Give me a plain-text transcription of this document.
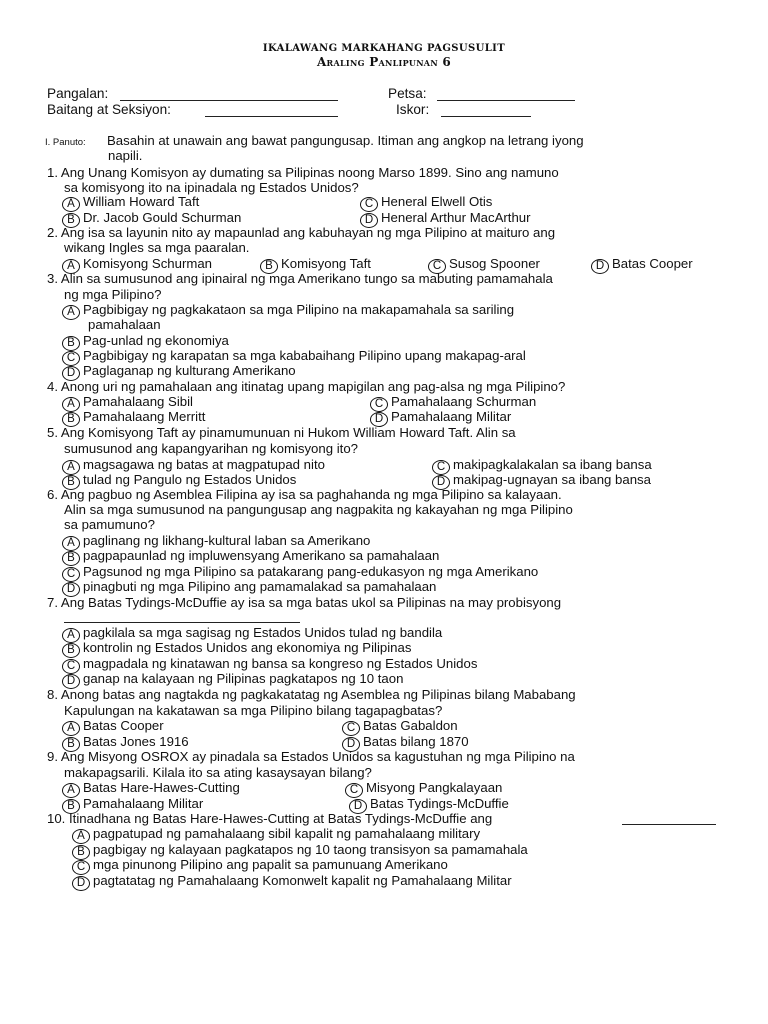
IKALAWANG MARKAHANG PAGSUSULIT
Araling Panlipunan 6
Pangalan:	Petsa:
Baitang at Seksiyon:	Iskor:
I. Panuto: Basahin at unawain ang bawat pangungusap. Itiman ang angkop na letrang iyong
napili.
1. Ang Unang Komisyon ay dumating sa Pilipinas noong Marso 1899. Sino ang namuno
sa komisyong ito na ipinadala ng Estados Unidos?
A William Howard Taft	C Heneral Elwell Otis
B Dr. Jacob Gould Schurman	D Heneral Arthur MacArthur
2. Ang isa sa layunin nito ay mapaunlad ang kabuhayan ng mga Pilipino at maituro ang
wikang Ingles sa mga paaralan.
A Komisyong Schurman	B Komisyong Taft	C Susog Spooner	D Batas Cooper
3. Alin sa sumusunod ang ipinairal ng mga Amerikano tungo sa mabuting pamamahala
ng mga Pilipino?
A Pagbibigay ng pagkakataon sa mga Pilipino na makapamahala sa sariling
pamahalaan
B Pag-unlad ng ekonomiya
C Pagbibigay ng karapatan sa mga kababaihang Pilipino upang makapag-aral
D Paglaganap ng kulturang Amerikano
4. Anong uri ng pamahalaan ang itinatag upang mapigilan ang pag-alsa ng mga Pilipino?
A Pamahalaang Sibil	C Pamahalaang Schurman
B Pamahalaang Merritt	D Pamahalaang Militar
5. Ang Komisyong Taft ay pinamumunuan ni Hukom William Howard Taft. Alin sa
sumusunod ang kapangyarihan ng komisyong ito?
A magsagawa ng batas at magpatupad nito	C makipagkalakalan sa ibang bansa
B tulad ng Pangulo ng Estados Unidos	D makipag-ugnayan sa ibang bansa
6. Ang pagbuo ng Asemblea Filipina ay isa sa paghahanda ng mga Pilipino sa kalayaan.
Alin sa mga sumusunod na pangungusap ang nagpakita ng kakayahan ng mga Pilipino
sa pamumuno?
A paglinang ng likhang-kultural laban sa Amerikano
B pagpapaunlad ng impluwensyang Amerikano sa pamahalaan
C Pagsunod ng mga Pilipino sa patakarang pang-edukasyon ng mga Amerikano
D pinagbuti ng mga Pilipino ang pamamalakad sa pamahalaan
7. Ang Batas Tydings-McDuffie ay isa sa mga batas ukol sa Pilipinas na may probisyong
A pagkilala sa mga sagisag ng Estados Unidos tulad ng bandila
B kontrolin ng Estados Unidos ang ekonomiya ng Pilipinas
C magpadala ng kinatawan ng bansa sa kongreso ng Estados Unidos
D ganap na kalayaan ng Pilipinas pagkatapos ng 10 taon
8. Anong batas ang nagtakda ng pagkakatatag ng Asemblea ng Pilipinas bilang Mababang
Kapulungan na kakatawan sa mga Pilipino bilang tagapagbatas?
A Batas Cooper	C Batas Gabaldon
B Batas Jones 1916	D Batas bilang 1870
9. Ang Misyong OSROX ay pinadala sa Estados Unidos sa kagustuhan ng mga Pilipino na
makapagsarili. Kilala ito sa ating kasaysayan bilang?
A Batas Hare-Hawes-Cutting	C Misyong Pangkalayaan
B Pamahalaang Militar	D Batas Tydings-McDuffie
10. Itinadhana ng Batas Hare-Hawes-Cutting at Batas Tydings-McDuffie ang
A pagpatupad ng pamahalaang sibil kapalit ng pamahalaang military
B pagbigay ng kalayaan pagkatapos ng 10 taong transisyon sa pamamahala
C mga pinunong Pilipino ang papalit sa pamunuang Amerikano
D pagtatatag ng Pamahalaang Komonwelt kapalit ng Pamahalaang Militar
